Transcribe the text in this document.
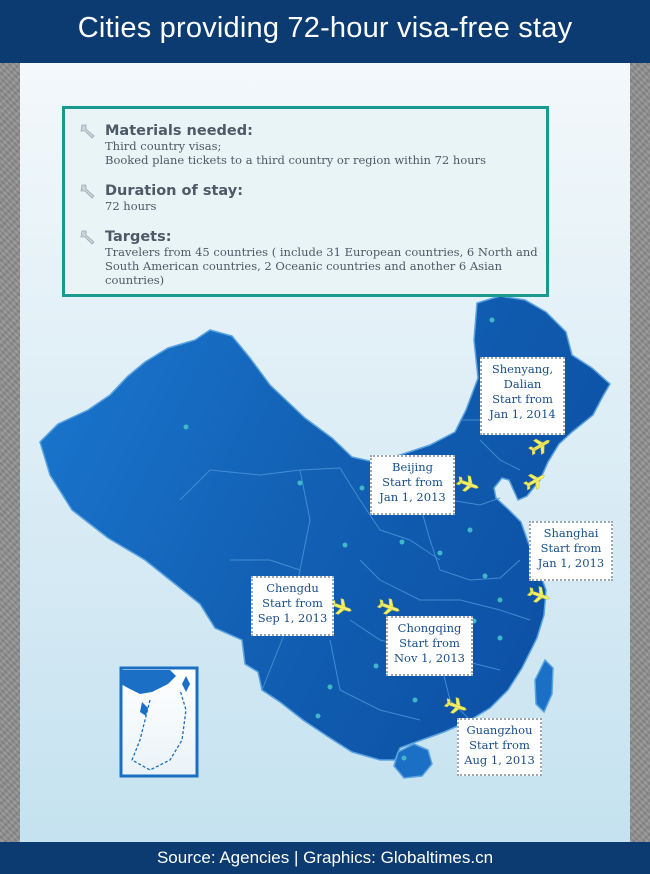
Cities providing 72-hour visa-free stay
Materials needed:
Third country visas;
Booked plane tickets to a third country or region within 72 hours
Duration of stay:
72 hours
Targets:
Travelers from 45 countries ( include 31 European countries, 6 North and
South American countries, 2 Oceanic countries and another 6 Asian
countries)
Shenyang,
Dalian
Start from
Jan 1, 2014
Beijing
Start from
Jan 1, 2013
Shanghai
Start from
Jan 1, 2013
Chengdu
Start from
Sep 1, 2013
Chongqing
Start from
Nov 1, 2013
Guangzhou
Start from
Aug 1, 2013
Source: Agencies | Graphics: Globaltimes.cn
